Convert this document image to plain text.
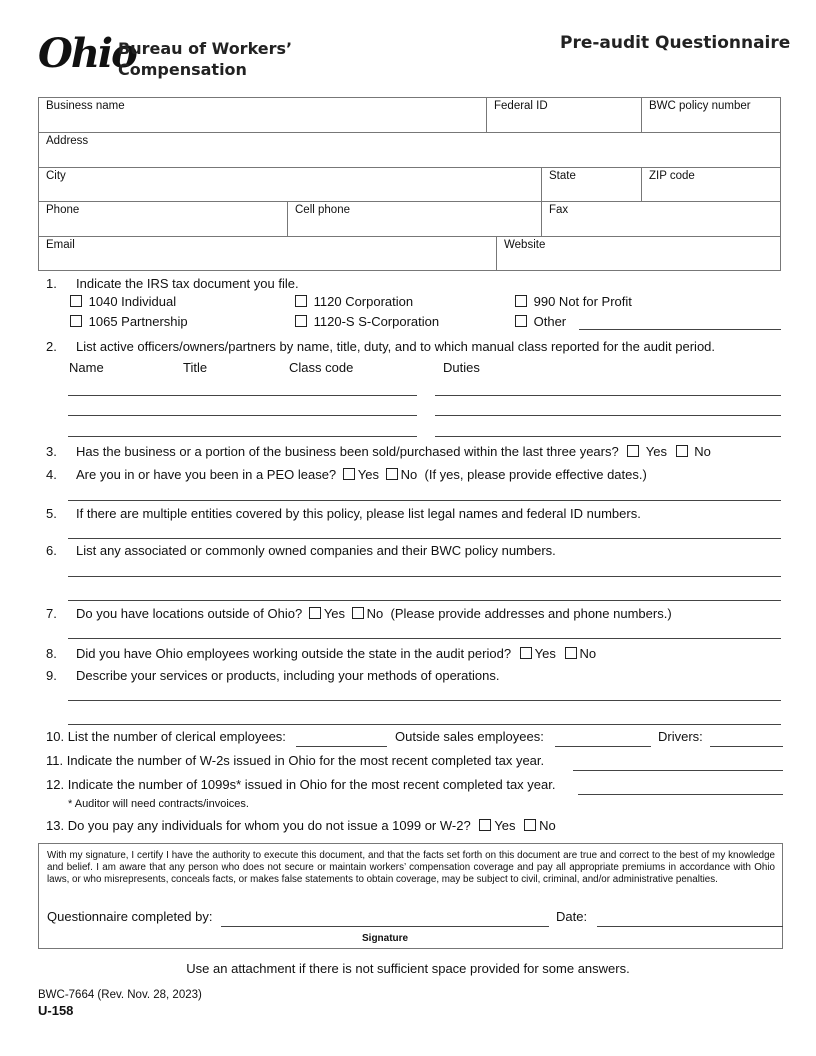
Ohio
Bureau of Workers’
Compensation
Pre-audit Questionnaire
Business name	Federal ID	BWC policy number
Address
City	State	ZIP code
Phone	Cell phone	Fax
Email	Website
1. Indicate the IRS tax document you file.
1040 Individual	1120 Corporation	990 Not for Profit
1065 Partnership	1120-S S-Corporation	Other
2. List active officers/owners/partners by name, title, duty, and to which manual class reported for the audit period.
Name	Title	Class code	Duties
3. Has the business or a portion of the business been sold/purchased within the last three years? Yes No
4. Are you in or have you been in a PEO lease? Yes No (If yes, please provide effective dates.)
5. If there are multiple entities covered by this policy, please list legal names and federal ID numbers.
6. List any associated or commonly owned companies and their BWC policy numbers.
7. Do you have locations outside of Ohio? Yes No (Please provide addresses and phone numbers.)
8. Did you have Ohio employees working outside the state in the audit period? Yes No
9. Describe your services or products, including your methods of operations.
10. List the number of clerical employees:	Outside sales employees:	Drivers:
11. Indicate the number of W-2s issued in Ohio for the most recent completed tax year.
12. Indicate the number of 1099s* issued in Ohio for the most recent completed tax year.
* Auditor will need contracts/invoices.
13. Do you pay any individuals for whom you do not issue a 1099 or W-2? Yes No
With my signature, I certify I have the authority to execute this document, and that the facts set forth on this document are true and correct to the best of my knowledge and belief. I am aware that any person who does not secure or maintain workers’ compensation coverage and pay all appropriate premiums in accordance with Ohio laws, or who misrepresents, conceals facts, or makes false statements to obtain coverage, may be subject to civil, criminal, and/or administrative penalties.
Questionnaire completed by:	Date:
Signature
Use an attachment if there is not sufficient space provided for some answers.
BWC-7664 (Rev. Nov. 28, 2023)
U-158
